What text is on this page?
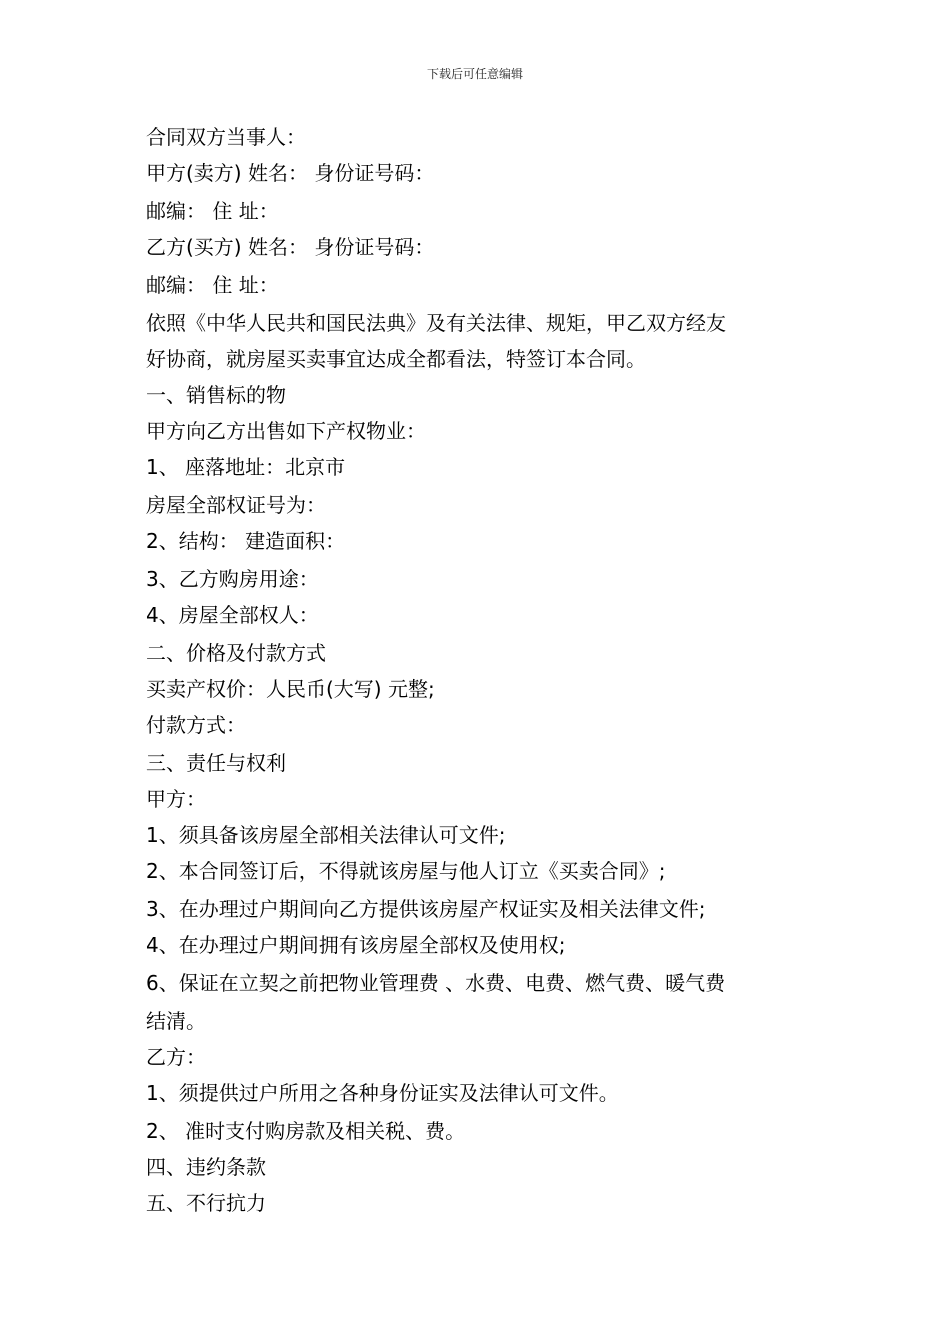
下载后可任意编辑

合同双方当事人：

甲方(卖方) 姓名： 身份证号码：

邮编： 住 址：

乙方(买方) 姓名： 身份证号码：

邮编： 住 址：

依照《中华人民共和国民法典》及有关法律、规矩，甲乙双方经友

好协商，就房屋买卖事宜达成全都看法，特签订本合同。

一、销售标的物

甲方向乙方出售如下产权物业：

1、 座落地址：北京市

房屋全部权证号为：

2、结构： 建造面积：

3、乙方购房用途：

4、房屋全部权人：

二、价格及付款方式

买卖产权价：人民币(大写) 元整;

付款方式：

三、责任与权利

甲方：

1、须具备该房屋全部相关法律认可文件;

2、本合同签订后，不得就该房屋与他人订立《买卖合同》;

3、在办理过户期间向乙方提供该房屋产权证实及相关法律文件;

4、在办理过户期间拥有该房屋全部权及使用权;

6、保证在立契之前把物业管理费 、水费、电费、燃气费、暖气费

结清。

乙方：

1、须提供过户所用之各种身份证实及法律认可文件。

2、 准时支付购房款及相关税、费。

四、违约条款

五、不行抗力
